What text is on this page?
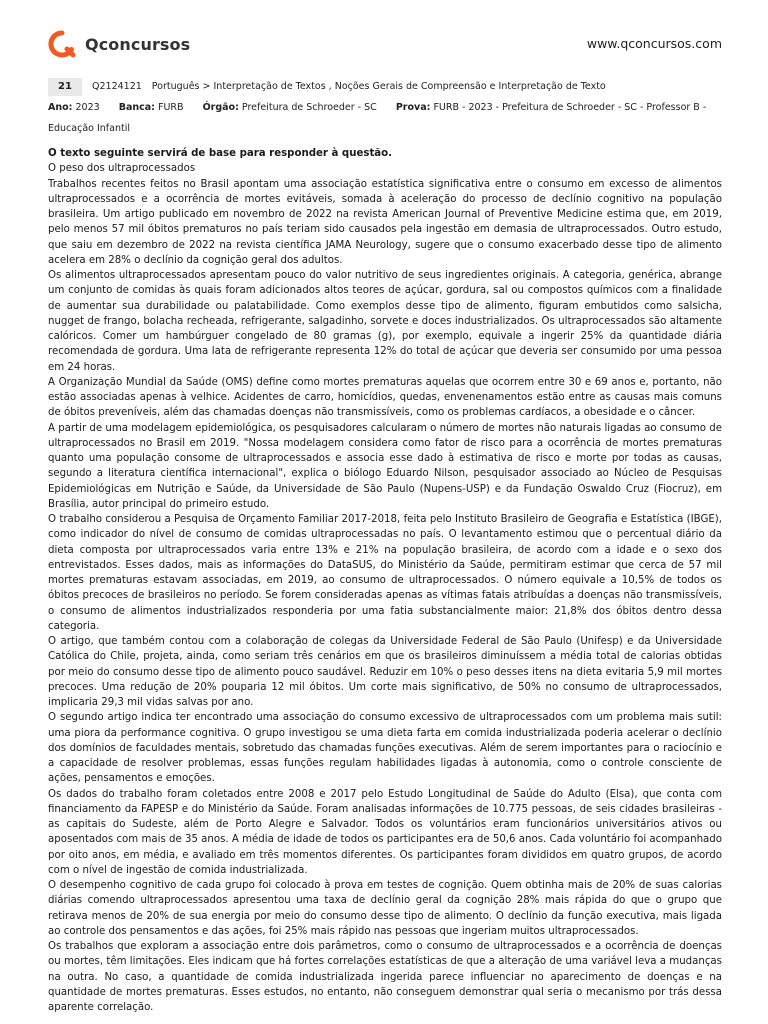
Qconcursos	www.qconcursos.com
21 Q2124121 Português > Interpretação de Textos , Noções Gerais de Compreensão e Interpretação de Texto
Ano: 2023 Banca: FURB Órgão: Prefeitura de Schroeder - SC Prova: FURB - 2023 - Prefeitura de Schroeder - SC - Professor B -
Educação Infantil

O texto seguinte servirá de base para responder à questão.

O peso dos ultraprocessados

Trabalhos recentes feitos no Brasil apontam uma associação estatística significativa entre o consumo em excesso de alimentos ultraprocessados e a ocorrência de mortes evitáveis, somada à aceleração do processo de declínio cognitivo na população brasileira. Um artigo publicado em novembro de 2022 na revista American Journal of Preventive Medicine estima que, em 2019, pelo menos 57 mil óbitos prematuros no país teriam sido causados pela ingestão em demasia de ultraprocessados. Outro estudo, que saiu em dezembro de 2022 na revista científica JAMA Neurology, sugere que o consumo exacerbado desse tipo de alimento acelera em 28% o declínio da cognição geral dos adultos.

Os alimentos ultraprocessados apresentam pouco do valor nutritivo de seus ingredientes originais. A categoria, genérica, abrange um conjunto de comidas às quais foram adicionados altos teores de açúcar, gordura, sal ou compostos químicos com a finalidade de aumentar sua durabilidade ou palatabilidade. Como exemplos desse tipo de alimento, figuram embutidos como salsicha, nugget de frango, bolacha recheada, refrigerante, salgadinho, sorvete e doces industrializados. Os ultraprocessados são altamente calóricos. Comer um hambúrguer congelado de 80 gramas (g), por exemplo, equivale a ingerir 25% da quantidade diária recomendada de gordura. Uma lata de refrigerante representa 12% do total de açúcar que deveria ser consumido por uma pessoa em 24 horas.

A Organização Mundial da Saúde (OMS) define como mortes prematuras aquelas que ocorrem entre 30 e 69 anos e, portanto, não estão associadas apenas à velhice. Acidentes de carro, homicídios, quedas, envenenamentos estão entre as causas mais comuns de óbitos preveníveis, além das chamadas doenças não transmissíveis, como os problemas cardíacos, a obesidade e o câncer.

A partir de uma modelagem epidemiológica, os pesquisadores calcularam o número de mortes não naturais ligadas ao consumo de ultraprocessados no Brasil em 2019. "Nossa modelagem considera como fator de risco para a ocorrência de mortes prematuras quanto uma população consome de ultraprocessados e associa esse dado à estimativa de risco e morte por todas as causas, segundo a literatura científica internacional", explica o biólogo Eduardo Nilson, pesquisador associado ao Núcleo de Pesquisas Epidemiológicas em Nutrição e Saúde, da Universidade de São Paulo (Nupens-USP) e da Fundação Oswaldo Cruz (Fiocruz), em Brasília, autor principal do primeiro estudo.

O trabalho considerou a Pesquisa de Orçamento Familiar 2017-2018, feita pelo Instituto Brasileiro de Geografia e Estatística (IBGE), como indicador do nível de consumo de comidas ultraprocessadas no país. O levantamento estimou que o percentual diário da dieta composta por ultraprocessados varia entre 13% e 21% na população brasileira, de acordo com a idade e o sexo dos entrevistados. Esses dados, mais as informações do DataSUS, do Ministério da Saúde, permitiram estimar que cerca de 57 mil mortes prematuras estavam associadas, em 2019, ao consumo de ultraprocessados. O número equivale a 10,5% de todos os óbitos precoces de brasileiros no período. Se forem consideradas apenas as vítimas fatais atribuídas a doenças não transmissíveis, o consumo de alimentos industrializados responderia por uma fatia substancialmente maior: 21,8% dos óbitos dentro dessa categoria.

O artigo, que também contou com a colaboração de colegas da Universidade Federal de São Paulo (Unifesp) e da Universidade Católica do Chile, projeta, ainda, como seriam três cenários em que os brasileiros diminuíssem a média total de calorias obtidas por meio do consumo desse tipo de alimento pouco saudável. Reduzir em 10% o peso desses itens na dieta evitaria 5,9 mil mortes precoces. Uma redução de 20% pouparia 12 mil óbitos. Um corte mais significativo, de 50% no consumo de ultraprocessados, implicaria 29,3 mil vidas salvas por ano.

O segundo artigo indica ter encontrado uma associação do consumo excessivo de ultraprocessados com um problema mais sutil: uma piora da performance cognitiva. O grupo investigou se uma dieta farta em comida industrializada poderia acelerar o declínio dos domínios de faculdades mentais, sobretudo das chamadas funções executivas. Além de serem importantes para o raciocínio e a capacidade de resolver problemas, essas funções regulam habilidades ligadas à autonomia, como o controle consciente de ações, pensamentos e emoções.

Os dados do trabalho foram coletados entre 2008 e 2017 pelo Estudo Longitudinal de Saúde do Adulto (Elsa), que conta com financiamento da FAPESP e do Ministério da Saúde. Foram analisadas informações de 10.775 pessoas, de seis cidades brasileiras - as capitais do Sudeste, além de Porto Alegre e Salvador. Todos os voluntários eram funcionários universitários ativos ou aposentados com mais de 35 anos. A média de idade de todos os participantes era de 50,6 anos. Cada voluntário foi acompanhado por oito anos, em média, e avaliado em três momentos diferentes. Os participantes foram divididos em quatro grupos, de acordo com o nível de ingestão de comida industrializada.

O desempenho cognitivo de cada grupo foi colocado à prova em testes de cognição. Quem obtinha mais de 20% de suas calorias diárias comendo ultraprocessados apresentou uma taxa de declínio geral da cognição 28% mais rápida do que o grupo que retirava menos de 20% de sua energia por meio do consumo desse tipo de alimento. O declínio da função executiva, mais ligada ao controle dos pensamentos e das ações, foi 25% mais rápido nas pessoas que ingeriam muitos ultraprocessados.

Os trabalhos que exploram a associação entre dois parâmetros, como o consumo de ultraprocessados e a ocorrência de doenças ou mortes, têm limitações. Eles indicam que há fortes correlações estatísticas de que a alteração de uma variável leva a mudanças na outra. No caso, a quantidade de comida industrializada ingerida parece influenciar no aparecimento de doenças e na quantidade de mortes prematuras. Esses estudos, no entanto, não conseguem demonstrar qual seria o mecanismo por trás dessa aparente correlação.
